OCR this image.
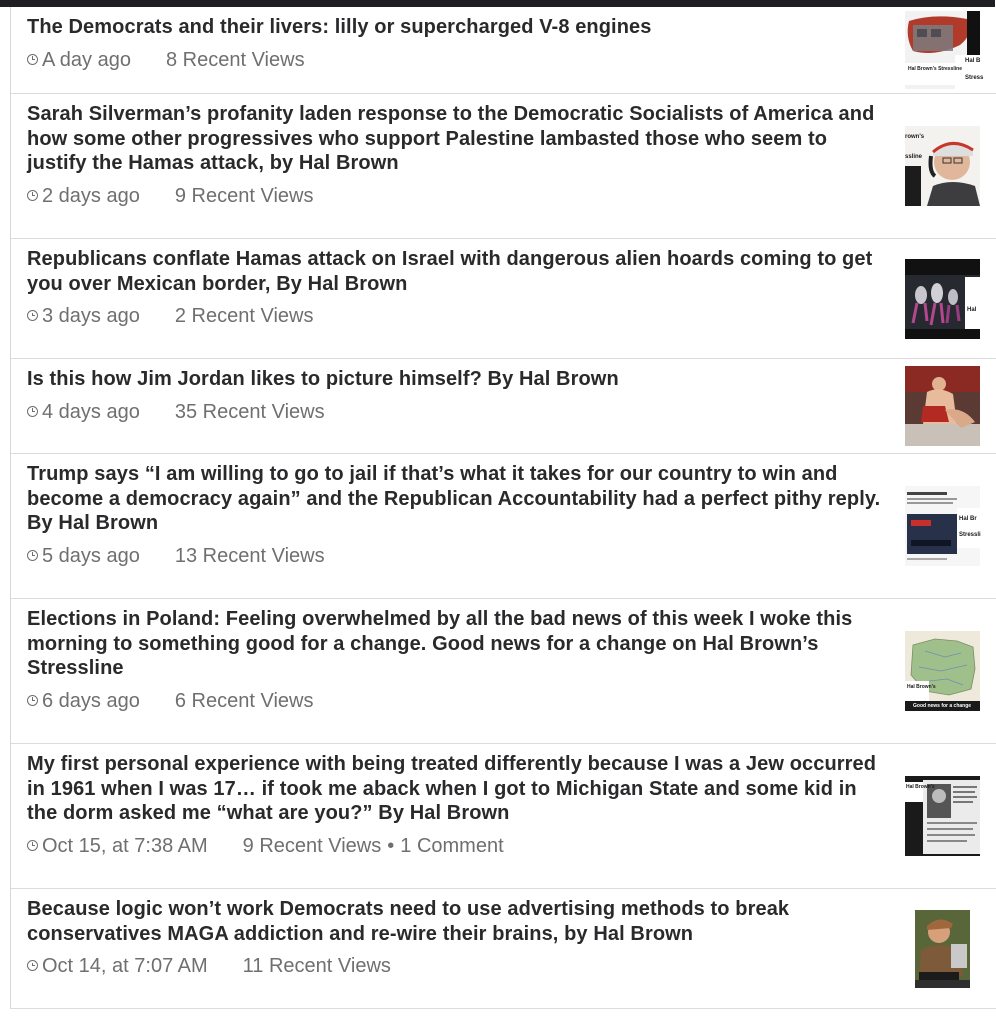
The Democrats and their livers: lilly or supercharged V-8 engines
A day ago 8 Recent Views	Hal B
Stress
Hal Brown's Stressline
Sarah Silverman’s profanity laden response to the Democratic Socialists of America and how some other progressives who support Palestine lambasted those who seem to justify the Hamas attack, by Hal Brown
2 days ago 9 Recent Views
rown's
ssline
Republicans conflate Hamas attack on Israel with dangerous alien hoards coming to get you over Mexican border, By Hal Brown
3 days ago 2 Recent Views	Hal
Is this how Jim Jordan likes to picture himself? By Hal Brown
4 days ago 35 Recent Views
Trump says “I am willing to go to jail if that’s what it takes for our country to win and become a democracy again” and the Republican Accountability had a perfect pithy reply. By Hal Brown
5 days ago 13 Recent Views
Hal Br
Stressli
Elections in Poland: Feeling overwhelmed by all the bad news of this week I woke this morning to something good for a change. Good news for a change on Hal Brown’s Stressline
6 days ago 6 Recent Views
Hal Brown's
Good news for a change
My first personal experience with being treated differently because I was a Jew occurred in 1961 when I was 17… if took me aback when I got to Michigan State and some kid in the dorm asked me “what are you?” By Hal Brown
Oct 15, at 7:38 AM 9 Recent Views • 1 Comment
Hal Brown's
Because logic won’t work Democrats need to use advertising methods to break conservatives MAGA addiction and re-wire their brains, by Hal Brown
Oct 14, at 7:07 AM 11 Recent Views
